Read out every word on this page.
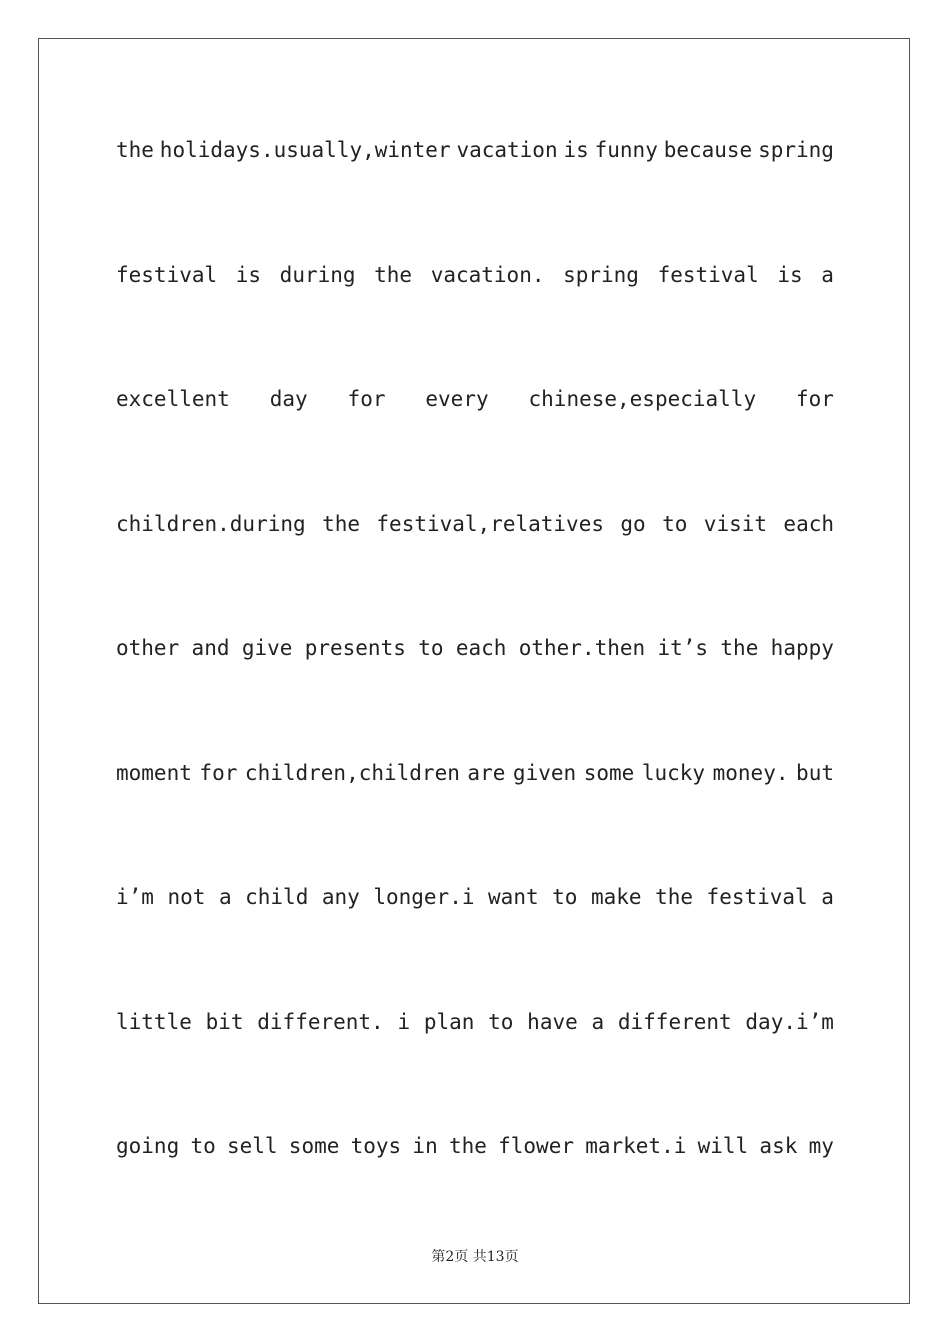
the holidays.usually,winter vacation is funny because spring
festival is during the vacation. spring festival is a
excellent day for every chinese,especially for
children.during the festival,relatives go to visit each
other and give presents to each other.then it’s the happy
moment for children,children are given some lucky money. but
i’m not a child any longer.i want to make the festival a
little bit different. i plan to have a different day.i’m
going to sell some toys in the flower market.i will ask my
第2页 共13页
